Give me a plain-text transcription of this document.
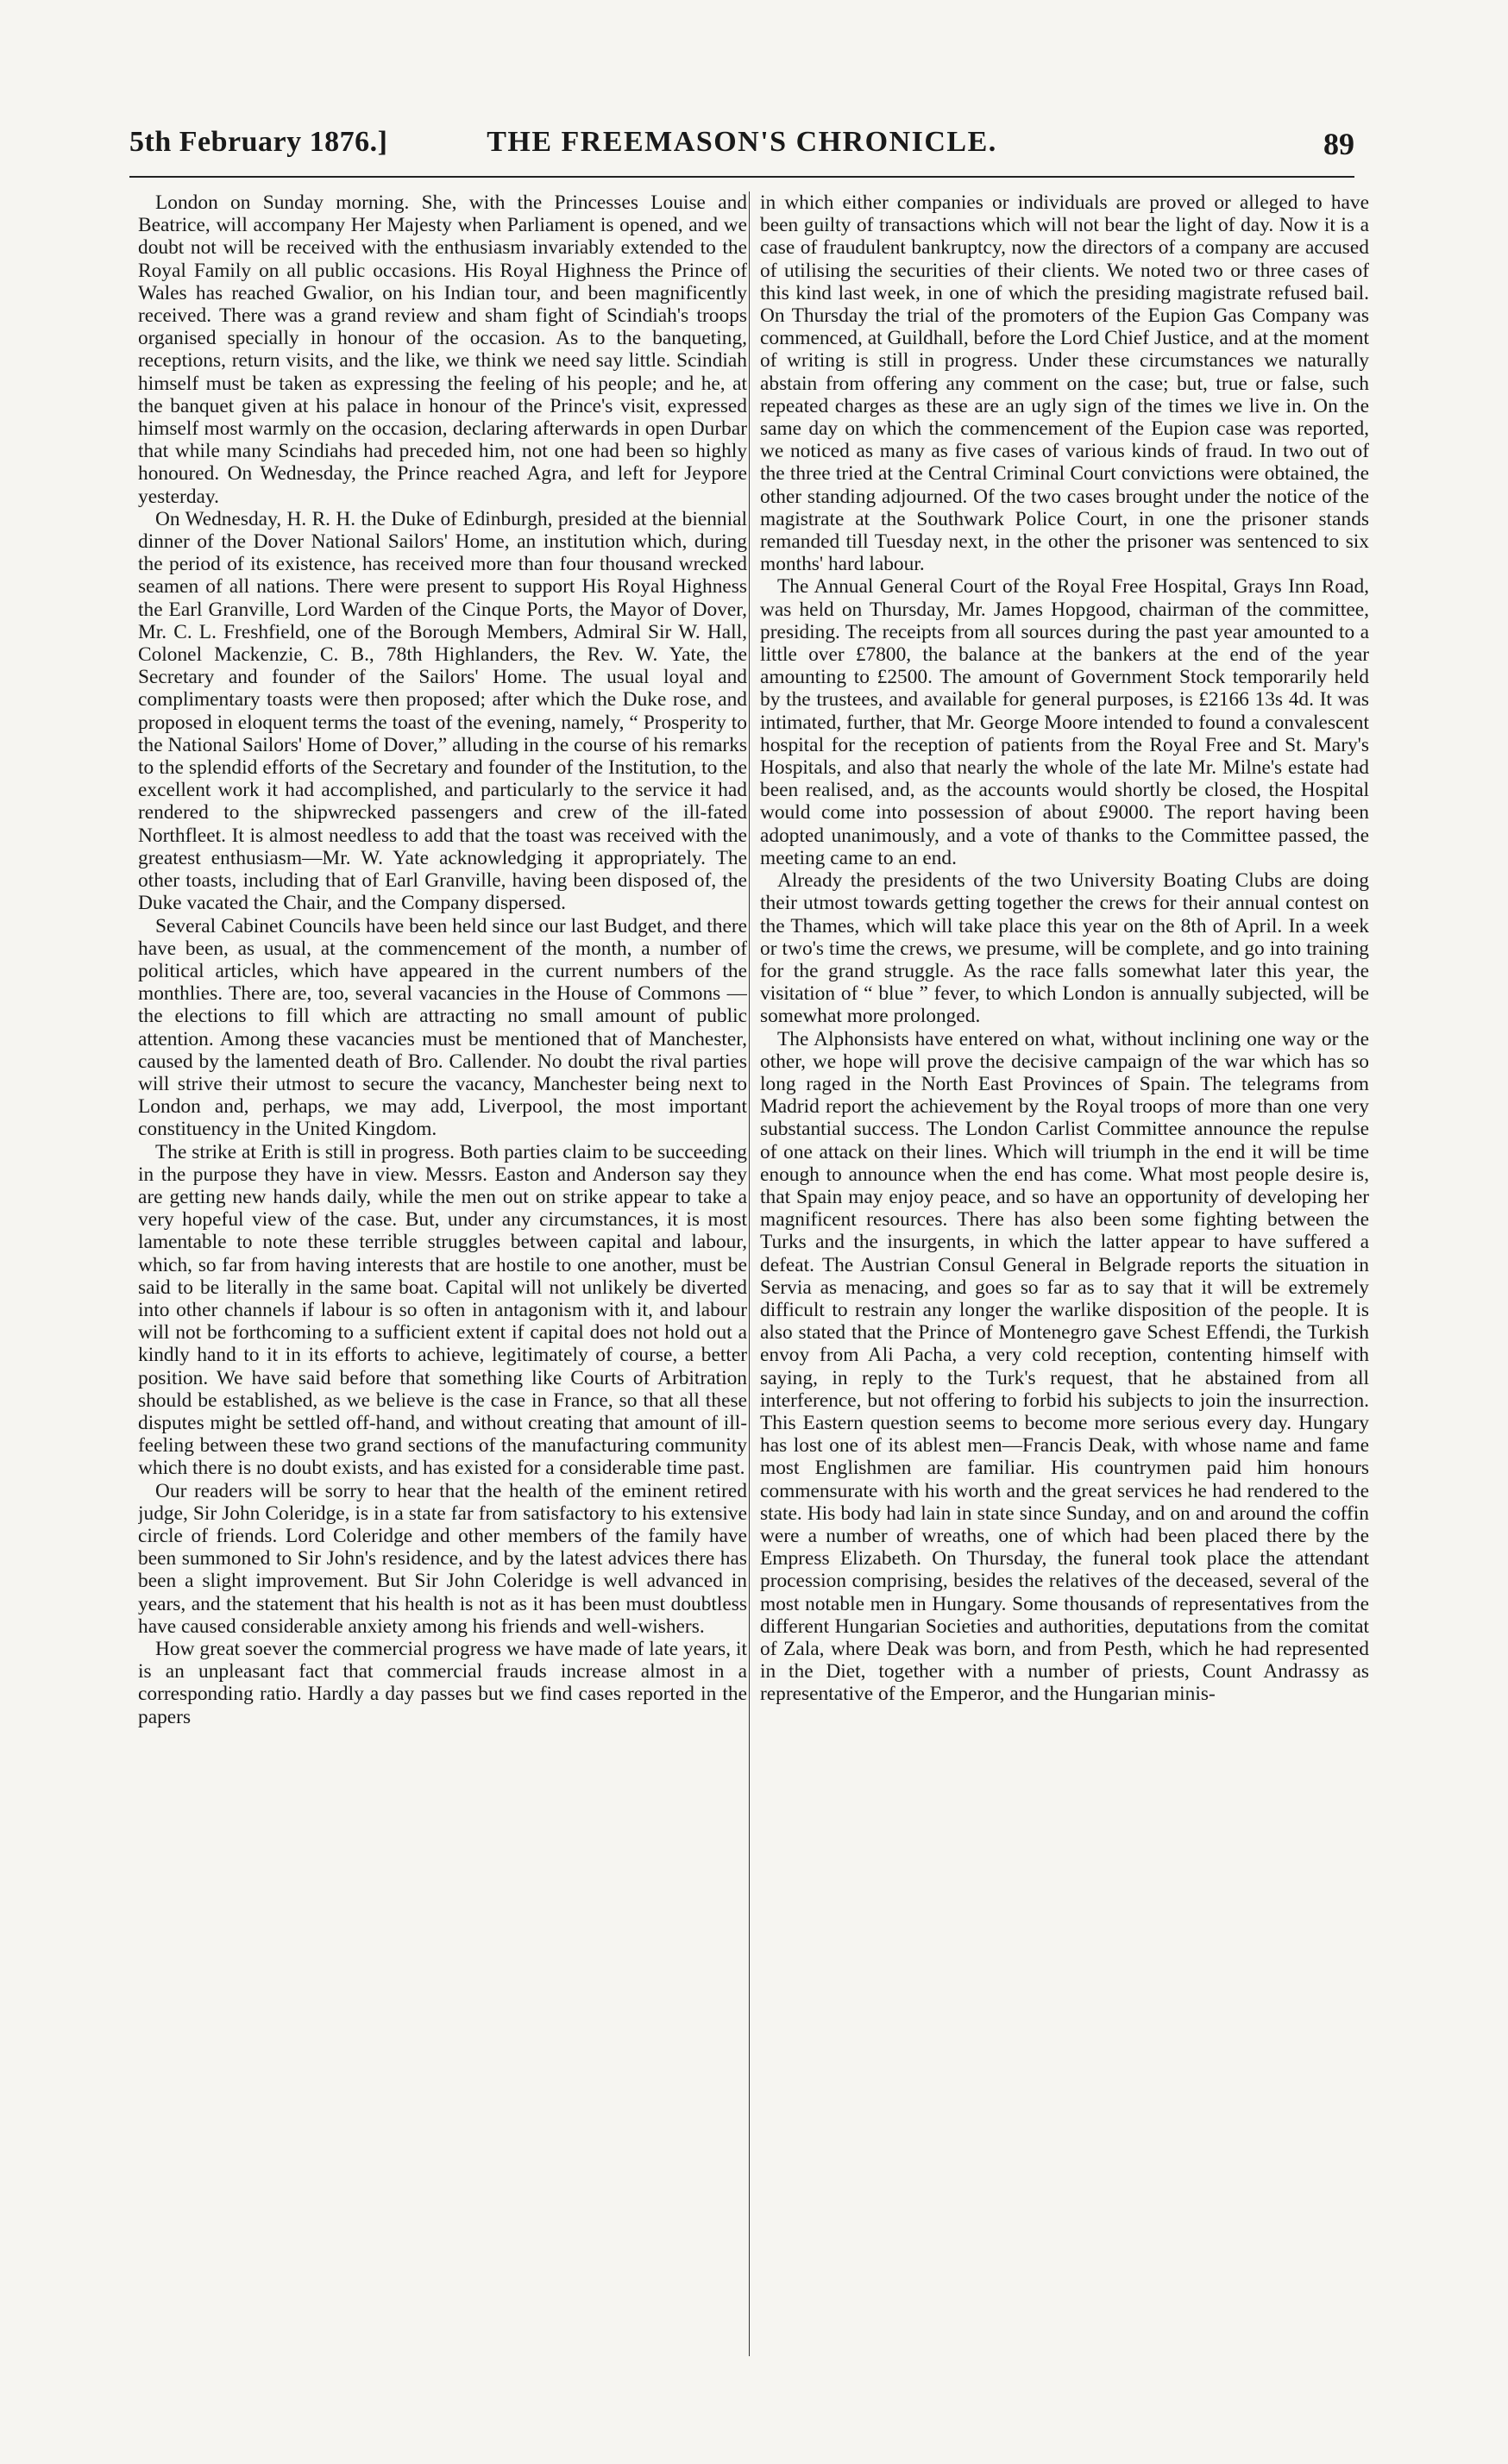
5th February 1876.]	THE FREEMASON'S CHRONICLE.	89

London on Sunday morning. She, with the Princesses Louise and Beatrice, will accompany Her Majesty when Parliament is opened, and we doubt not will be received with the enthusiasm invariably extended to the Royal Family on all public occasions. His Royal Highness the Prince of Wales has reached Gwalior, on his Indian tour, and been magnificently received. There was a grand review and sham fight of Scindiah's troops organised specially in honour of the occasion. As to the banqueting, receptions, return visits, and the like, we think we need say little. Scindiah himself must be taken as expressing the feeling of his people; and he, at the banquet given at his palace in honour of the Prince's visit, expressed himself most warmly on the occasion, declaring afterwards in open Durbar that while many Scindiahs had preceded him, not one had been so highly honoured. On Wednesday, the Prince reached Agra, and left for Jeypore yesterday.

On Wednesday, H. R. H. the Duke of Edinburgh, presided at the biennial dinner of the Dover National Sailors' Home, an institution which, during the period of its existence, has received more than four thousand wrecked seamen of all nations. There were present to support His Royal Highness the Earl Granville, Lord Warden of the Cinque Ports, the Mayor of Dover, Mr. C. L. Freshfield, one of the Borough Members, Admiral Sir W. Hall, Colonel Mackenzie, C. B., 78th Highlanders, the Rev. W. Yate, the Secretary and founder of the Sailors' Home. The usual loyal and complimentary toasts were then proposed; after which the Duke rose, and proposed in eloquent terms the toast of the evening, namely, “ Prosperity to the National Sailors' Home of Dover,” alluding in the course of his remarks to the splendid efforts of the Secretary and founder of the Institution, to the excellent work it had accomplished, and particularly to the service it had rendered to the shipwrecked passengers and crew of the ill-fated Northfleet. It is almost needless to add that the toast was received with the greatest enthusiasm—Mr. W. Yate acknowledging it appropriately. The other toasts, including that of Earl Granville, having been disposed of, the Duke vacated the Chair, and the Company dispersed.

Several Cabinet Councils have been held since our last Budget, and there have been, as usual, at the commencement of the month, a number of political articles, which have appeared in the current numbers of the monthlies. There are, too, several vacancies in the House of Commons —the elections to fill which are attracting no small amount of public attention. Among these vacancies must be mentioned that of Manchester, caused by the lamented death of Bro. Callender. No doubt the rival parties will strive their utmost to secure the vacancy, Manchester being next to London and, perhaps, we may add, Liverpool, the most important constituency in the United Kingdom.

The strike at Erith is still in progress. Both parties claim to be succeeding in the purpose they have in view. Messrs. Easton and Anderson say they are getting new hands daily, while the men out on strike appear to take a very hopeful view of the case. But, under any circumstances, it is most lamentable to note these terrible struggles between capital and labour, which, so far from having interests that are hostile to one another, must be said to be literally in the same boat. Capital will not unlikely be diverted into other channels if labour is so often in antagonism with it, and labour will not be forthcoming to a sufficient extent if capital does not hold out a kindly hand to it in its efforts to achieve, legitimately of course, a better position. We have said before that something like Courts of Arbitration should be established, as we believe is the case in France, so that all these disputes might be settled off-hand, and without creating that amount of ill-feeling between these two grand sections of the manufacturing community which there is no doubt exists, and has existed for a considerable time past.

Our readers will be sorry to hear that the health of the eminent retired judge, Sir John Coleridge, is in a state far from satisfactory to his extensive circle of friends. Lord Coleridge and other members of the family have been summoned to Sir John's residence, and by the latest advices there has been a slight improvement. But Sir John Coleridge is well advanced in years, and the statement that his health is not as it has been must doubtless have caused considerable anxiety among his friends and well-wishers.

How great soever the commercial progress we have made of late years, it is an unpleasant fact that commercial frauds increase almost in a corresponding ratio. Hardly a day passes but we find cases reported in the papers

in which either companies or individuals are proved or alleged to have been guilty of transactions which will not bear the light of day. Now it is a case of fraudulent bankruptcy, now the directors of a company are accused of utilising the securities of their clients. We noted two or three cases of this kind last week, in one of which the presiding magistrate refused bail. On Thursday the trial of the promoters of the Eupion Gas Company was commenced, at Guildhall, before the Lord Chief Justice, and at the moment of writing is still in progress. Under these circumstances we naturally abstain from offering any comment on the case; but, true or false, such repeated charges as these are an ugly sign of the times we live in. On the same day on which the commencement of the Eupion case was reported, we noticed as many as five cases of various kinds of fraud. In two out of the three tried at the Central Criminal Court convictions were obtained, the other standing adjourned. Of the two cases brought under the notice of the magistrate at the Southwark Police Court, in one the prisoner stands remanded till Tuesday next, in the other the prisoner was sentenced to six months' hard labour.

The Annual General Court of the Royal Free Hospital, Grays Inn Road, was held on Thursday, Mr. James Hopgood, chairman of the committee, presiding. The receipts from all sources during the past year amounted to a little over £7800, the balance at the bankers at the end of the year amounting to £2500. The amount of Government Stock temporarily held by the trustees, and available for general purposes, is £2166 13s 4d. It was intimated, further, that Mr. George Moore intended to found a convalescent hospital for the reception of patients from the Royal Free and St. Mary's Hospitals, and also that nearly the whole of the late Mr. Milne's estate had been realised, and, as the accounts would shortly be closed, the Hospital would come into possession of about £9000. The report having been adopted unanimously, and a vote of thanks to the Committee passed, the meeting came to an end.

Already the presidents of the two University Boating Clubs are doing their utmost towards getting together the crews for their annual contest on the Thames, which will take place this year on the 8th of April. In a week or two's time the crews, we presume, will be complete, and go into training for the grand struggle. As the race falls somewhat later this year, the visitation of “ blue ” fever, to which London is annually subjected, will be somewhat more prolonged.

The Alphonsists have entered on what, without inclining one way or the other, we hope will prove the decisive campaign of the war which has so long raged in the North East Provinces of Spain. The telegrams from Madrid report the achievement by the Royal troops of more than one very substantial success. The London Carlist Committee announce the repulse of one attack on their lines. Which will triumph in the end it will be time enough to announce when the end has come. What most people desire is, that Spain may enjoy peace, and so have an opportunity of developing her magnificent resources. There has also been some fighting between the Turks and the insurgents, in which the latter appear to have suffered a defeat. The Austrian Consul General in Belgrade reports the situation in Servia as menacing, and goes so far as to say that it will be extremely difficult to restrain any longer the warlike disposition of the people. It is also stated that the Prince of Montenegro gave Schest Effendi, the Turkish envoy from Ali Pacha, a very cold reception, contenting himself with saying, in reply to the Turk's request, that he abstained from all interference, but not offering to forbid his subjects to join the insurrection. This Eastern question seems to become more serious every day. Hungary has lost one of its ablest men—Francis Deak, with whose name and fame most Englishmen are familiar. His countrymen paid him honours commensurate with his worth and the great services he had rendered to the state. His body had lain in state since Sunday, and on and around the coffin were a number of wreaths, one of which had been placed there by the Empress Elizabeth. On Thursday, the funeral took place the attendant procession comprising, besides the relatives of the deceased, several of the most notable men in Hungary. Some thousands of representatives from the different Hungarian Societies and authorities, deputations from the comitat of Zala, where Deak was born, and from Pesth, which he had represented in the Diet, together with a number of priests, Count Andrassy as representative of the Emperor, and the Hungarian minis-
